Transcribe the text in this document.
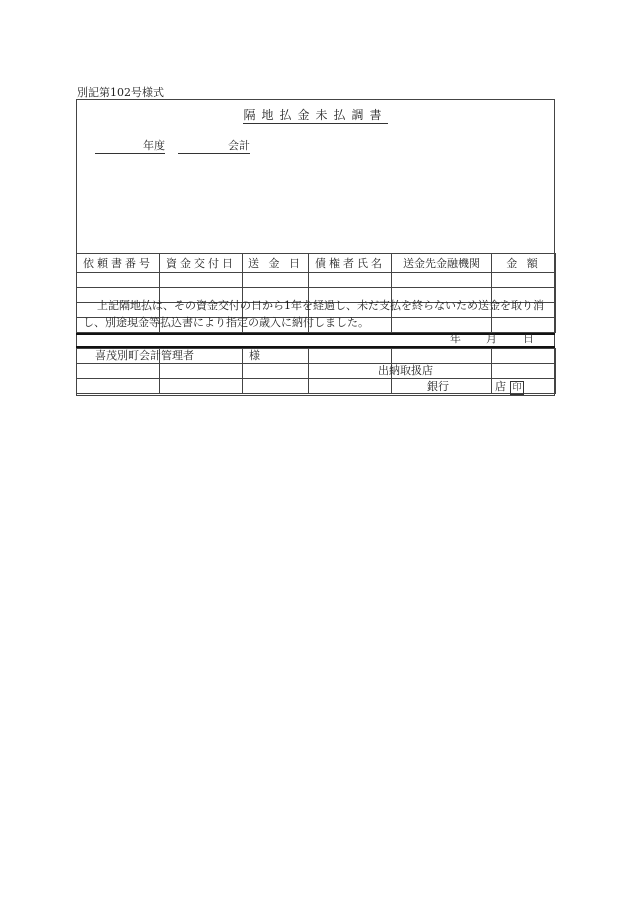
別記第102号様式
隔地払金未払調書
年度	会計
依頼書番号	資金交付日	送 金 日	債権者氏名	送金先金融機関	金 額

上記隔地払は、その資金交付の日から1年を経過し、未だ支払を終らないため送金を取り消し、別途現金等払込書により指定の歳入に納付しました。
年 月 日
喜茂別町会計管理者	様
出納取扱店
銀行	店 印
